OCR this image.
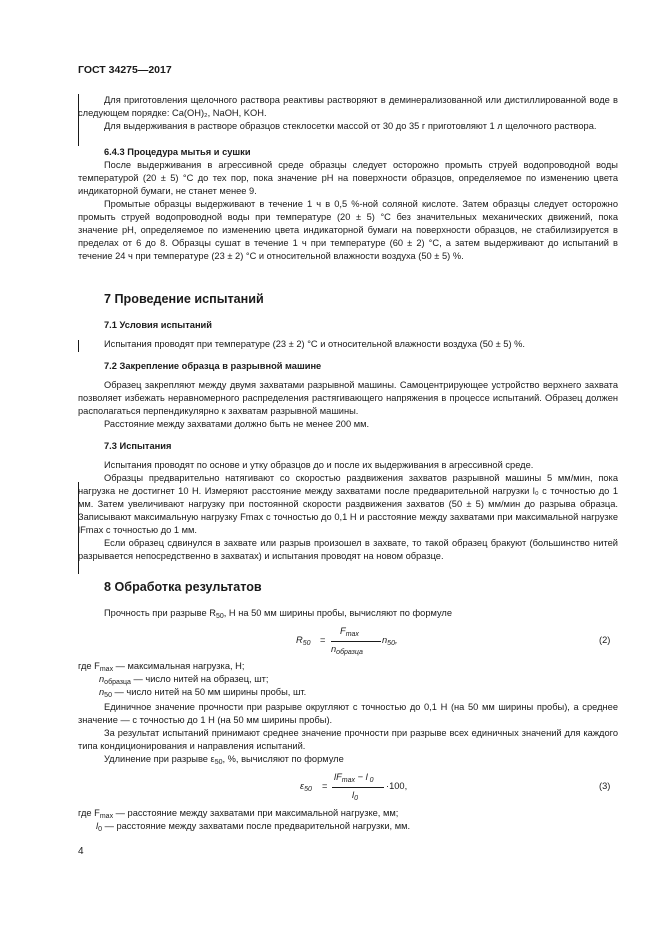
ГОСТ 34275—2017

Для приготовления щелочного раствора реактивы растворяют в деминерализованной или дистиллированной воде в следующем порядке: Ca(OH)₂, NaOH, KOH.

Для выдерживания в растворе образцов стеклосетки массой от 30 до 35 г приготовляют 1 л щелочного раствора.

6.4.3 Процедура мытья и сушки

После выдерживания в агрессивной среде образцы следует осторожно промыть струей водопроводной воды температурой (20 ± 5) °С до тех пор, пока значение pH на поверхности образцов, определяемое по изменению цвета индикаторной бумаги, не станет менее 9.

Промытые образцы выдерживают в течение 1 ч в 0,5 %-ной соляной кислоте. Затем образцы следует осторожно промыть струей водопроводной воды при температуре (20 ± 5) °С без значительных механических движений, пока значение pH, определяемое по изменению цвета индикаторной бумаги на поверхности образцов, не стабилизируется в пределах от 6 до 8. Образцы сушат в течение 1 ч при температуре (60 ± 2) °С, а затем выдерживают до испытаний в течение 24 ч при температуре (23 ± 2) °С и относительной влажности воздуха (50 ± 5) %.

7 Проведение испытаний
7.1 Условия испытаний

Испытания проводят при температуре (23 ± 2) °С и относительной влажности воздуха (50 ± 5) %.

7.2 Закрепление образца в разрывной машине

Образец закрепляют между двумя захватами разрывной машины. Самоцентрирующее устройство верхнего захвата позволяет избежать неравномерного распределения растягивающего напряжения в процессе испытаний. Образец должен располагаться перпендикулярно к захватам разрывной машины.

Расстояние между захватами должно быть не менее 200 мм.

7.3 Испытания

Испытания проводят по основе и утку образцов до и после их выдерживания в агрессивной среде.

Образцы предварительно натягивают со скоростью раздвижения захватов разрывной машины 5 мм/мин, пока нагрузка не достигнет 10 Н. Измеряют расстояние между захватами после предварительной нагрузки l₀ с точностью до 1 мм. Затем увеличивают нагрузку при постоянной скорости раздвижения захватов (50 ± 5) мм/мин до разрыва образца. Записывают максимальную нагрузку Fmax с точностью до 0,1 Н и расстояние между захватами при максимальной нагрузке lFmax с точностью до 1 мм.

Если образец сдвинулся в захвате или разрыв произошел в захвате, то такой образец бракуют (большинство нитей разрывается непосредственно в захватах) и испытания проводят на новом образце.

8 Обработка результатов

Прочность при разрыве $R_{50}$, Н на 50 мм ширины пробы, вычисляют по формуле

$R_{50}$ =
$F_{max}$
$n_{образца}$
$n_{50}$,	(2)
где $F_{max}$ — максимальная нагрузка, Н;
$n_{образца}$ — число нитей на образец, шт;
$n_{50}$ — число нитей на 50 мм ширины пробы, шт.

Единичное значение прочности при разрыве округляют с точностью до 0,1 Н (на 50 мм ширины пробы), а среднее значение — с точностью до 1 Н (на 50 мм ширины пробы).

За результат испытаний принимают среднее значение прочности при разрыве всех единичных значений для каждого типа кондиционирования и направления испытаний.

Удлинение при разрыве $\varepsilon_{50}$, %, вычисляют по формуле

$\varepsilon_{50}$ =
$lF_{max} - l$ $_0$
$l_0$
·100,	(3)
где $F_{max}$ — расстояние между захватами при максимальной нагрузке, мм;
$l_0$ — расстояние между захватами после предварительной нагрузки, мм.
4
